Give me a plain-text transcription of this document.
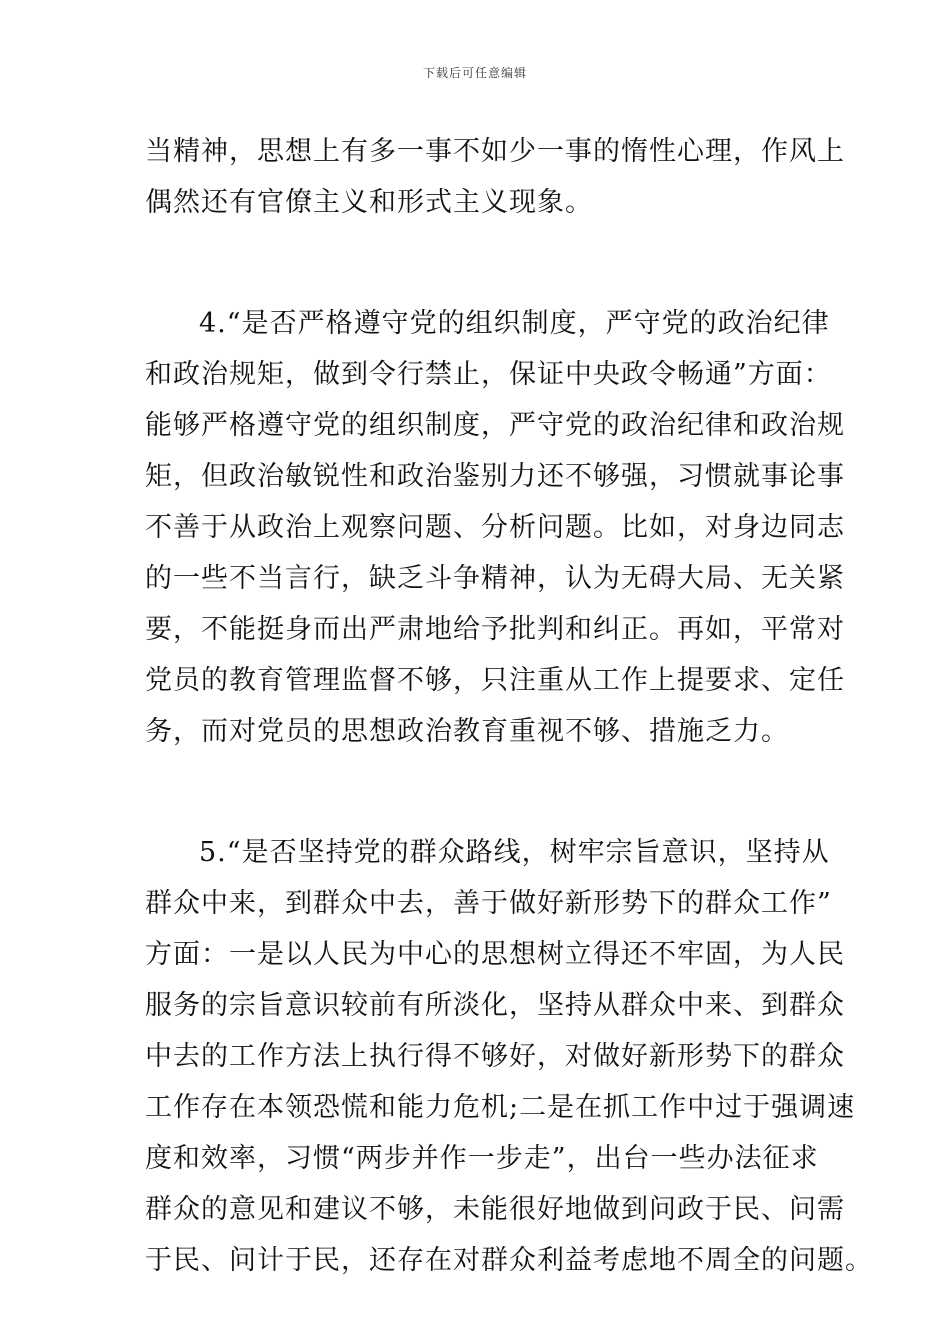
下载后可任意编辑
当精神，思想上有多一事不如少一事的惰性心理，作风上
偶然还有官僚主义和形式主义现象。
4.“是否严格遵守党的组织制度，严守党的政治纪律
和政治规矩，做到令行禁止，保证中央政令畅通”方面：
能够严格遵守党的组织制度，严守党的政治纪律和政治规
矩，但政治敏锐性和政治鉴别力还不够强，习惯就事论事
不善于从政治上观察问题、分析问题。比如，对身边同志
的一些不当言行，缺乏斗争精神，认为无碍大局、无关紧
要，不能挺身而出严肃地给予批判和纠正。再如，平常对
党员的教育管理监督不够，只注重从工作上提要求、定任
务，而对党员的思想政治教育重视不够、措施乏力。
5.“是否坚持党的群众路线，树牢宗旨意识，坚持从
群众中来，到群众中去，善于做好新形势下的群众工作”
方面：一是以人民为中心的思想树立得还不牢固，为人民
服务的宗旨意识较前有所淡化，坚持从群众中来、到群众
中去的工作方法上执行得不够好，对做好新形势下的群众
工作存在本领恐慌和能力危机;二是在抓工作中过于强调速
度和效率，习惯“两步并作一步走”，出台一些办法征求
群众的意见和建议不够，未能很好地做到问政于民、问需
于民、问计于民，还存在对群众利益考虑地不周全的问题。
